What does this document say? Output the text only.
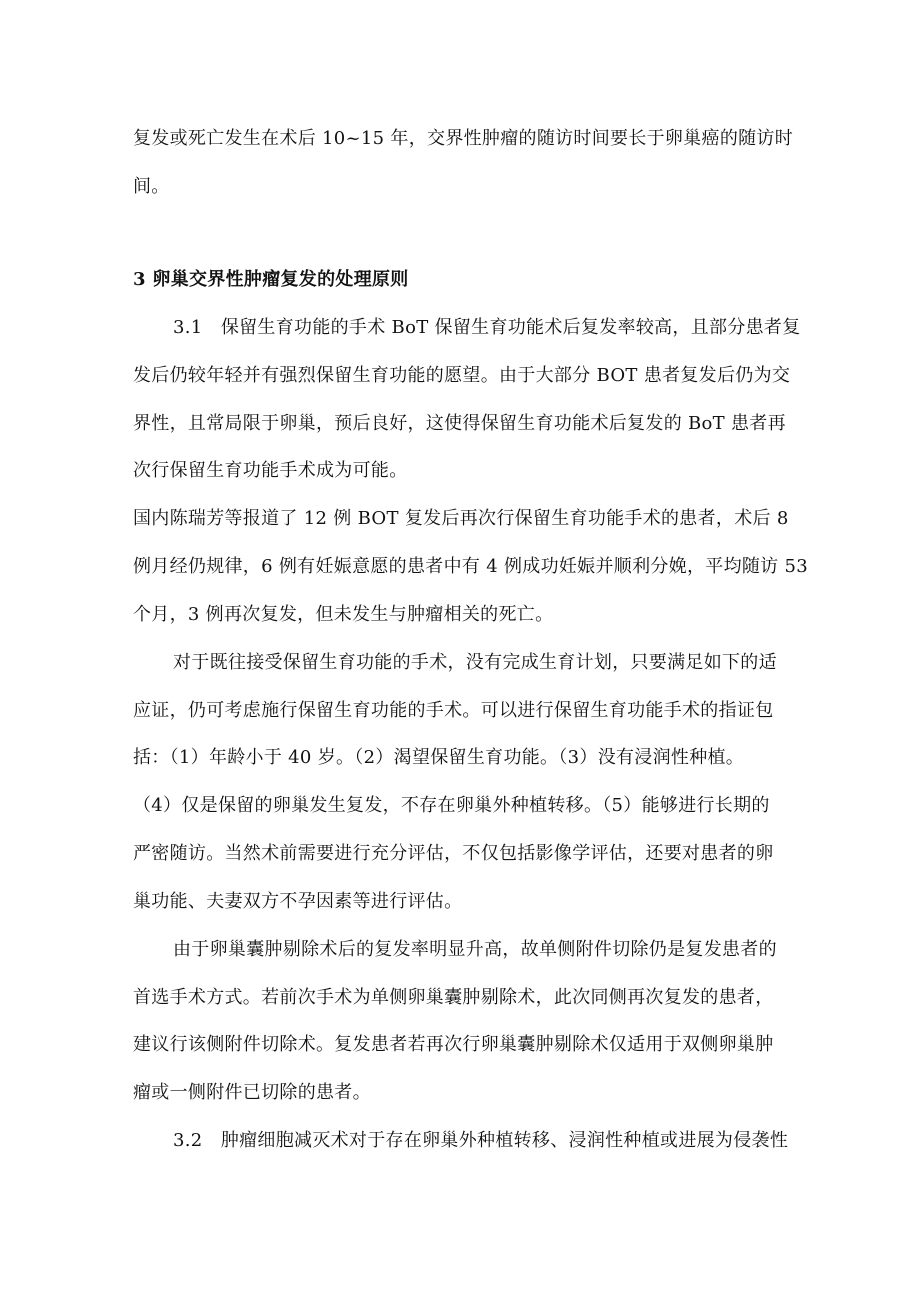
复发或死亡发生在术后 10~15 年，交界性肿瘤的随访时间要长于卵巢癌的随访时
间。
3 卵巢交界性肿瘤复发的处理原则
3.1　保留生育功能的手术 BoT 保留生育功能术后复发率较高，且部分患者复
发后仍较年轻并有强烈保留生育功能的愿望。由于大部分 BOT 患者复发后仍为交
界性，且常局限于卵巢，预后良好，这使得保留生育功能术后复发的 BoT 患者再
次行保留生育功能手术成为可能。
国内陈瑞芳等报道了 12 例 BOT 复发后再次行保留生育功能手术的患者，术后 8
例月经仍规律，6 例有妊娠意愿的患者中有 4 例成功妊娠并顺利分娩，平均随访 53
个月，3 例再次复发，但未发生与肿瘤相关的死亡。
对于既往接受保留生育功能的手术，没有完成生育计划，只要满足如下的适
应证，仍可考虑施行保留生育功能的手术。可以进行保留生育功能手术的指证包
括：（1）年龄小于 40 岁。（2）渴望保留生育功能。（3）没有浸润性种植。
（4）仅是保留的卵巢发生复发，不存在卵巢外种植转移。（5）能够进行长期的
严密随访。当然术前需要进行充分评估，不仅包括影像学评估，还要对患者的卵
巢功能、夫妻双方不孕因素等进行评估。
由于卵巢囊肿剔除术后的复发率明显升高，故单侧附件切除仍是复发患者的
首选手术方式。若前次手术为单侧卵巢囊肿剔除术，此次同侧再次复发的患者，
建议行该侧附件切除术。复发患者若再次行卵巢囊肿剔除术仅适用于双侧卵巢肿
瘤或一侧附件已切除的患者。
3.2　肿瘤细胞减灭术对于存在卵巢外种植转移、浸润性种植或进展为侵袭性
